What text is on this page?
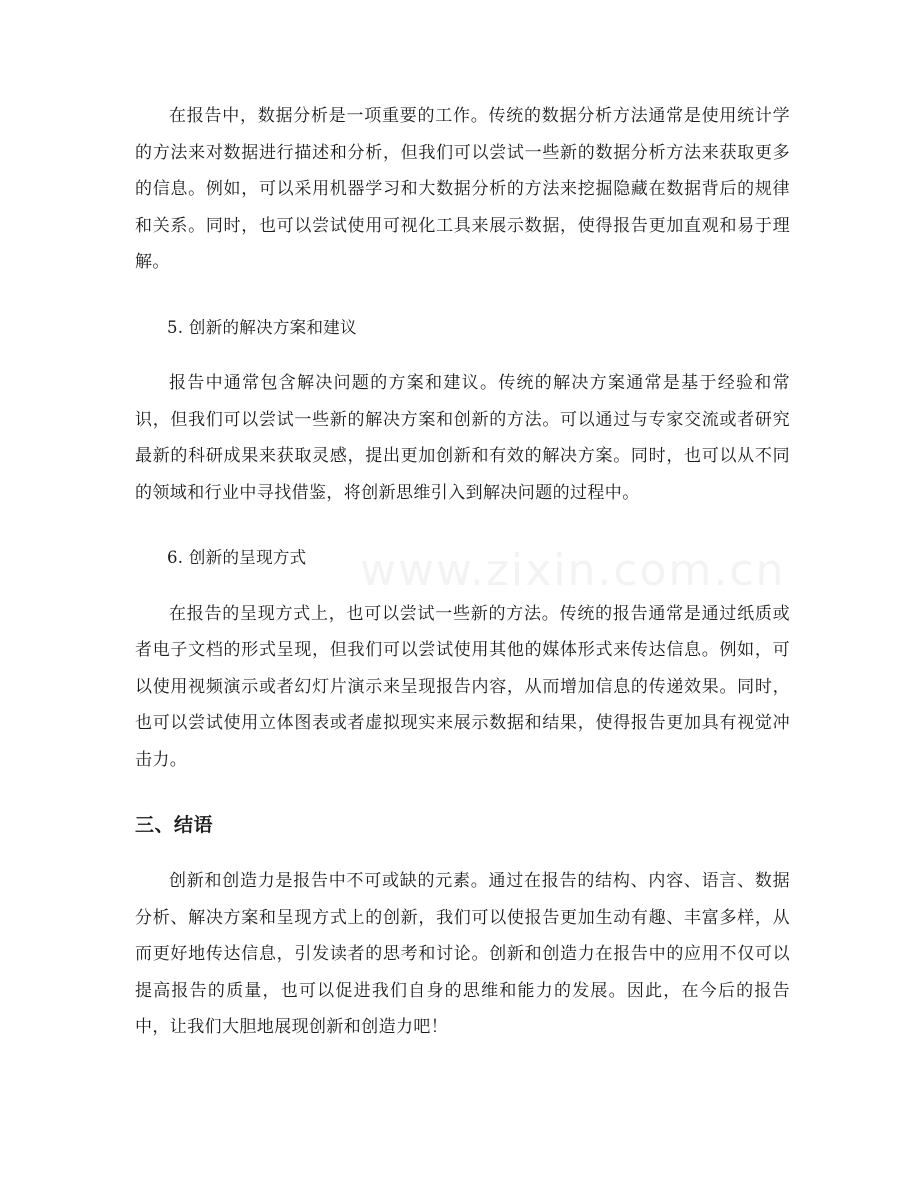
在报告中，数据分析是一项重要的工作。传统的数据分析方法通常是使用统计学的方法来对数据进行描述和分析，但我们可以尝试一些新的数据分析方法来获取更多的信息。例如，可以采用机器学习和大数据分析的方法来挖掘隐藏在数据背后的规律和关系。同时，也可以尝试使用可视化工具来展示数据，使得报告更加直观和易于理解。

5. 创新的解决方案和建议

报告中通常包含解决问题的方案和建议。传统的解决方案通常是基于经验和常识，但我们可以尝试一些新的解决方案和创新的方法。可以通过与专家交流或者研究最新的科研成果来获取灵感，提出更加创新和有效的解决方案。同时，也可以从不同的领域和行业中寻找借鉴，将创新思维引入到解决问题的过程中。

6. 创新的呈现方式

在报告的呈现方式上，也可以尝试一些新的方法。传统的报告通常是通过纸质或者电子文档的形式呈现，但我们可以尝试使用其他的媒体形式来传达信息。例如，可以使用视频演示或者幻灯片演示来呈现报告内容，从而增加信息的传递效果。同时，也可以尝试使用立体图表或者虚拟现实来展示数据和结果，使得报告更加具有视觉冲击力。

三、结语

创新和创造力是报告中不可或缺的元素。通过在报告的结构、内容、语言、数据分析、解决方案和呈现方式上的创新，我们可以使报告更加生动有趣、丰富多样，从而更好地传达信息，引发读者的思考和讨论。创新和创造力在报告中的应用不仅可以提高报告的质量，也可以促进我们自身的思维和能力的发展。因此，在今后的报告中，让我们大胆地展现创新和创造力吧！

www.zixin.com.cn
